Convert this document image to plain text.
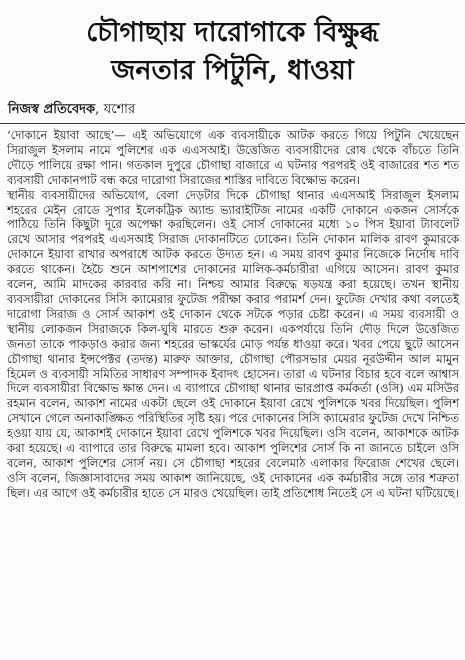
চৌগাছায় দারোগাকে বিক্ষুব্ধ
জনতার পিটুনি, ধাওয়া
নিজস্ব প্রতিবেদক, যশোর

‘দোকানে ইয়াবা আছে’— এই অভিযোগে এক ব্যবসায়ীকে আটক করতে গিয়ে পিটুনি খেয়েছেন সিরাজুল ইসলাম নামে পুলিশের এক এএসআই। উত্তেজিত ব্যবসায়ীদের রোষ থেকে বাঁচতে তিনি দৌড়ে পালিয়ে রক্ষা পান। গতকাল দুপুরে চৌগাছা বাজারে এ ঘটনার পরপরই ওই বাজারের শত শত ব্যবসায়ী দোকানপাট বন্ধ করে দারোগা সিরাজের শাস্তির দাবিতে বিক্ষোভ করেন।

স্থানীয় ব্যবসায়ীদের অভিযোগ, বেলা দেড়টার দিকে চৌগাছা থানার এএসআই সিরাজুল ইসলাম শহরের মেইন রোডে সুপার ইলেকট্রিক অ্যান্ড ভ্যারাইটিজ নামের একটি দোকানে একজন সোর্সকে পাঠিয়ে তিনি কিছুটা দূরে অপেক্ষা করছিলেন। ওই সোর্স দোকানের মধ্যে ১০ পিস ইয়াবা ট্যাবলেট রেখে আসার পরপরই এএসআই সিরাজ দোকানটিতে ঢোকেন। তিনি দোকান মালিক রাবণ কুমারকে দোকানে ইয়াবা রাখার অপরাধে আটক করতে উদ্যত হন। এ সময় রাবণ কুমার নিজেকে নির্দোষ দাবি করতে থাকেন। হৈচৈ শুনে আশপাশের দোকানের মালিক-কর্মচারীরা এগিয়ে আসেন। রাবণ কুমার বলেন, আমি মাদকের কারবার করি না। নিশ্চয় আমার বিরুদ্ধে ষড়যন্ত্র করা হয়েছে। তখন স্থানীয় ব্যবসায়ীরা দোকানের সিসি ক্যামেরার ফুটেজ পরীক্ষা করার পরামর্শ দেন। ফুটেজ দেখার কথা বলতেই দারোগা সিরাজ ও সোর্স আকাশ ওই দোকান থেকে সটকে পড়ার চেষ্টা করেন। এ সময় ব্যবসায়ী ও স্থানীয় লোকজন সিরাজকে কিল-ঘুষি মারতে শুরু করেন। একপর্যায়ে তিনি দৌড় দিলে উত্তেজিত জনতা তাকে পাকড়াও করার জন্য শহরের ভাস্কর্যের মোড় পর্যন্ত ধাওয়া করে। খবর পেয়ে ছুটে আসেন চৌগাছা থানার ইন্সপেক্টর (তদন্ত) মারুফ আক্তার, চৌগাছা পৌরসভার মেয়র নূরউদ্দীন আল মামুন হিমেল ও ব্যবসায়ী সমিতির সাধারণ সম্পাদক ইবাদৎ হোসেন। তারা এ ঘটনার বিচার হবে বলে আশ্বাস দিলে ব্যবসায়ীরা বিক্ষোভ ক্ষান্ত দেন। এ ব্যাপারে চৌগাছা থানার ভারপ্রাপ্ত কর্মকর্তা (ওসি) এম মসিউর রহমান বলেন, আকাশ নামের একটা ছেলে ওই দোকানে ইয়াবা রেখে পুলিশকে খবর দিয়েছিল। পুলিশ সেখানে গেলে অনাকাঙ্ক্ষিত পরিস্থিতির সৃষ্টি হয়। পরে দোকানের সিসি ক্যামেরার ফুটেজ দেখে নিশ্চিত হওয়া যায় যে, আকাশই দোকানে ইয়াবা রেখে পুলিশকে খবর দিয়েছিল। ওসি বলেন, আকাশকে আটক করা হয়েছে। এ ব্যাপারে তার বিরুদ্ধে মামলা হবে। আকাশ পুলিশের সোর্স কি না জানতে চাইলে ওসি বলেন, আকাশ পুলিশের সোর্স নয়। সে চৌগাছা শহরের বেলেমাঠ এলাকার ফিরোজ শেখের ছেলে। ওসি বলেন, জিজ্ঞাসাবাদের সময় আকাশ জানিয়েছে, ওই দোকানের এক কর্মচারীর সঙ্গে তার শত্রুতা ছিল। এর আগে ওই কর্মচারীর হাতে সে মারও খেয়েছিল। তাই প্রতিশোধ নিতেই সে এ ঘটনা ঘটিয়েছে।
